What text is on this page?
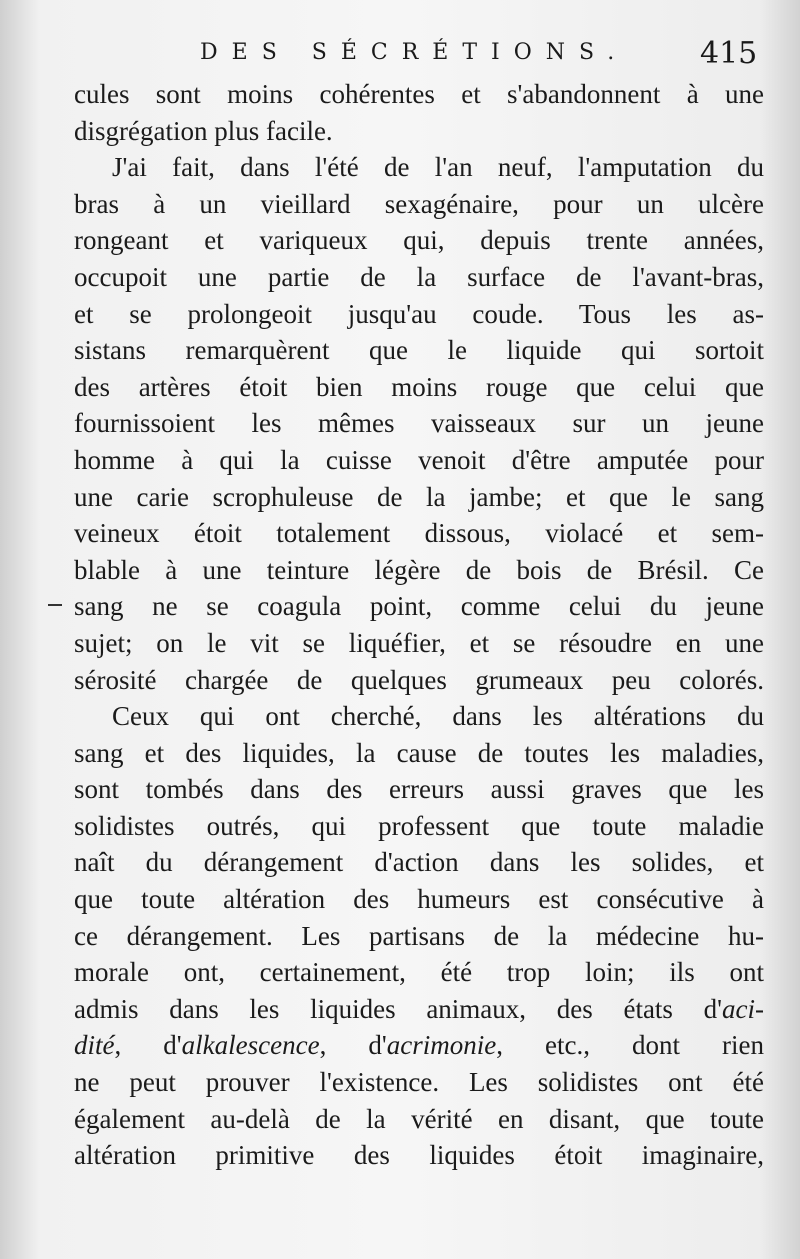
DES SÉCRÉTIONS. 415
cules sont moins cohérentes et s'abandonnent à une
disgrégation plus facile.
J'ai fait, dans l'été de l'an neuf, l'amputation du
bras à un vieillard sexagénaire, pour un ulcère
rongeant et variqueux qui, depuis trente années,
occupoit une partie de la surface de l'avant-bras,
et se prolongeoit jusqu'au coude. Tous les as-
sistans remarquèrent que le liquide qui sortoit
des artères étoit bien moins rouge que celui que
fournissoient les mêmes vaisseaux sur un jeune
homme à qui la cuisse venoit d'être amputée pour
une carie scrophuleuse de la jambe; et que le sang
veineux étoit totalement dissous, violacé et sem-
blable à une teinture légère de bois de Brésil. Ce
sang ne se coagula point, comme celui du jeune
sujet; on le vit se liquéfier, et se résoudre en une
sérosité chargée de quelques grumeaux peu colorés.
Ceux qui ont cherché, dans les altérations du
sang et des liquides, la cause de toutes les maladies,
sont tombés dans des erreurs aussi graves que les
solidistes outrés, qui professent que toute maladie
naît du dérangement d'action dans les solides, et
que toute altération des humeurs est consécutive à
ce dérangement. Les partisans de la médecine hu-
morale ont, certainement, été trop loin; ils ont
admis dans les liquides animaux, des états d'aci-
dité, d'alkalescence, d'acrimonie, etc., dont rien
ne peut prouver l'existence. Les solidistes ont été
également au-delà de la vérité en disant, que toute
altération primitive des liquides étoit imaginaire,
